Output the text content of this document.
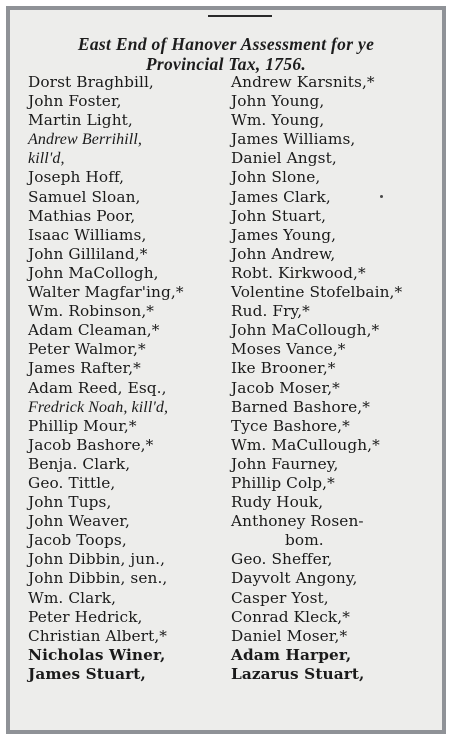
East End of Hanover Assessment for ye
Provincial Tax, 1756.
Dorst Braghbill,
John Foster,
Martin Light,
Andrew Berrihill,
kill'd,
Joseph Hoff,
Samuel Sloan,
Mathias Poor,
Isaac Williams,
John Gilliland,*
John MaCollogh,
Walter Magfar'ing,*
Wm. Robinson,*
Adam Cleaman,*
Peter Walmor,*
James Rafter,*
Adam Reed, Esq.,
Fredrick Noah, kill'd,
Phillip Mour,*
Jacob Bashore,*
Benja. Clark,
Geo. Tittle,
John Tups,
John Weaver,
Jacob Toops,
John Dibbin, jun.,
John Dibbin, sen.,
Wm. Clark,
Peter Hedrick,
Christian Albert,*
Nicholas Winer,
James Stuart,
Andrew Karsnits,*
John Young,
Wm. Young,
James Williams,
Daniel Angst,
John Slone,
James Clark,
John Stuart,
James Young,
John Andrew,
Robt. Kirkwood,*
Volentine Stofelbain,*
Rud. Fry,*
John MaCollough,*
Moses Vance,*
Ike Brooner,*
Jacob Moser,*
Barned Bashore,*
Tyce Bashore,*
Wm. MaCullough,*
John Faurney,
Phillip Colp,*
Rudy Houk,
Anthoney Rosen-
bom.
Geo. Sheffer,
Dayvolt Angony,
Casper Yost,
Conrad Kleck,*
Daniel Moser,*
Adam Harper,
Lazarus Stuart,
